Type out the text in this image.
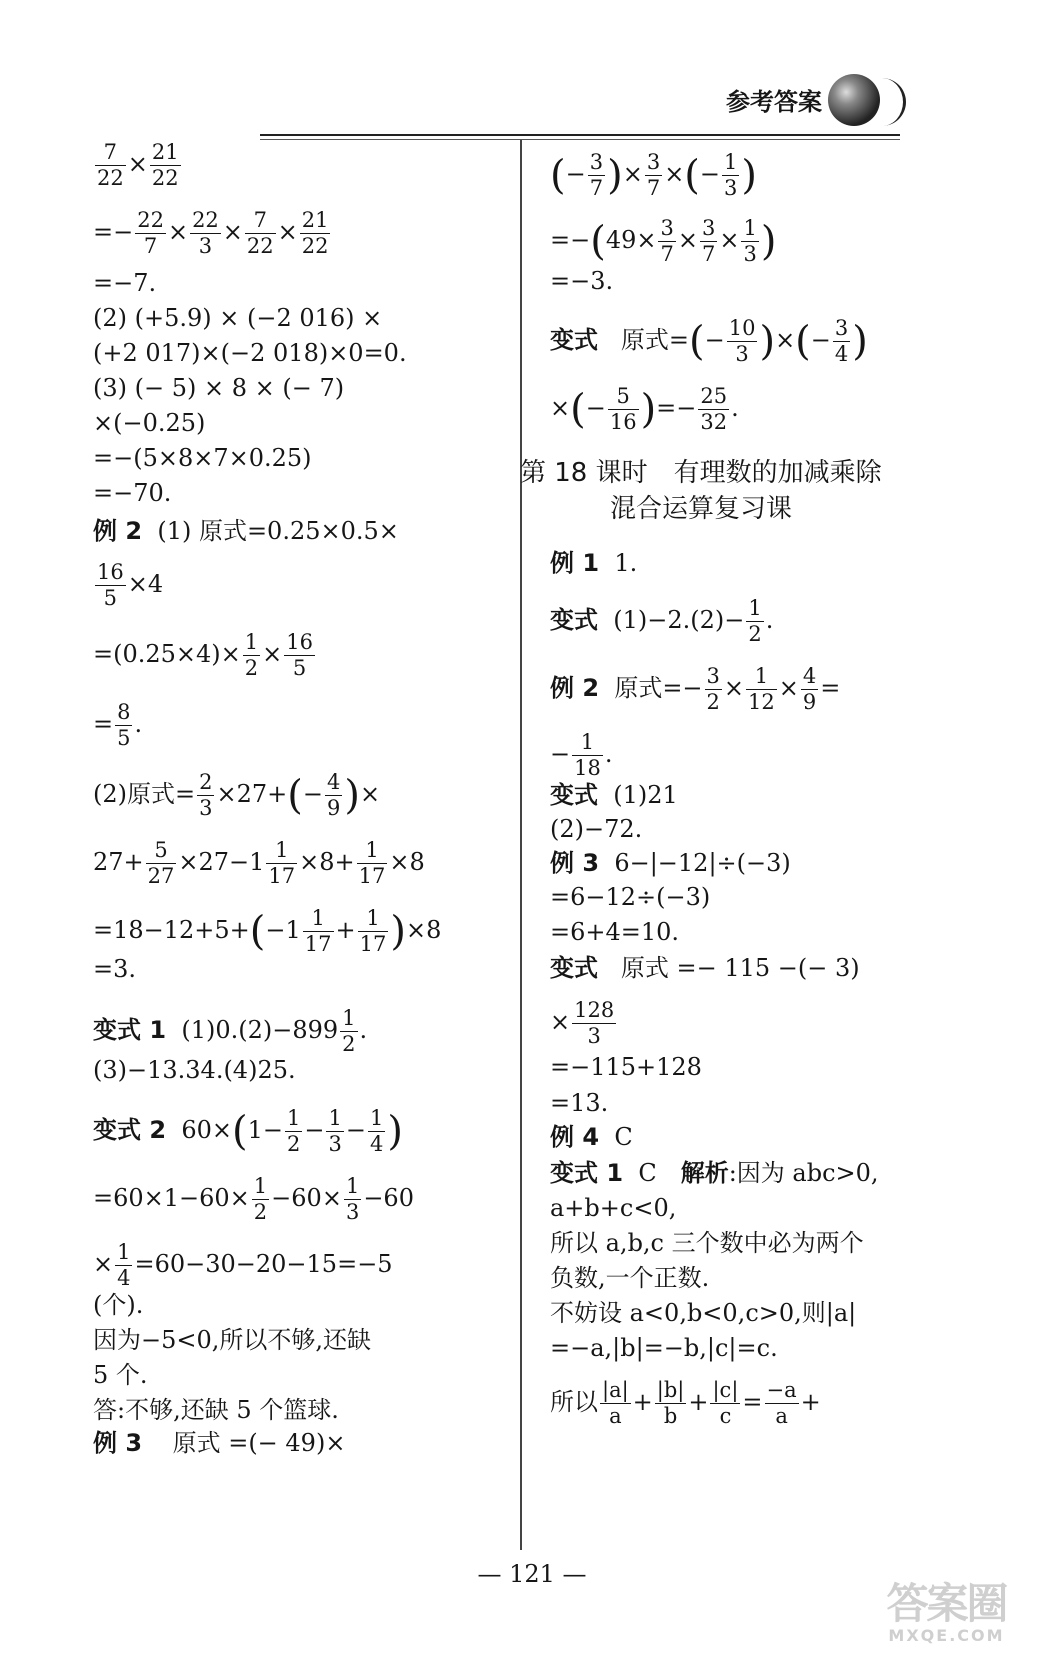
参考答案
$\frac{7}{22} \times \frac{21}{22}$
=− $\frac{22}{7} \times \frac{22}{3} \times \frac{7}{22} \times \frac{21}{22}$
=−7.
(2) (+5.9) × (−2 016) ×
(+2 017)×(−2 018)×0=0.
(3) (− 5) × 8 × (− 7)
×(−0.25)
=−(5×8×7×0.25)
=−70.
例 2 (1) 原式=0.25×0.5×
$\frac{16}{5} \times 4$
$=(0.25\times 4)\times \frac{1}{2} \times \frac{16}{5}$
= $\frac{8}{5}$ .
(2)原式= $\frac{2}{3} \times 27+(- \frac{4}{9}$ )×
$27+ \frac{5}{27} \times 27-1 \frac{1}{17} \times 8+ \frac{1}{17} \times 8$
$=18-12+5+(-1 \frac{1}{17} + \frac{1}{17} )\times 8$
=3.
变式 1 $(1)0.(2)-899 \frac{1}{2}$ .
(3)−13.34.(4)25.
变式 2 $60\times(1- \frac{1}{2} - \frac{1}{3} - \frac{1}{4}$ )
$=60\times 1-60\times \frac{1}{2} -60\times \frac{1}{3} -60$
× $\frac{1}{4} =60-30-20-15=-5$
(个).
因为−5<0,所以不够,还缺
5 个.
答:不够,还缺 5 个篮球.
例 3 原式 =(− 49)×
(− $\frac{3}{7}$ )× $\frac{3}{7}$ ×(− $\frac{1}{3}$ )
$=-(49\times \frac{3}{7} \times \frac{3}{7} \times \frac{1}{3}$ )
=−3.
变式 原式=(− $\frac{10}{3}$ )×(− $\frac{3}{4}$ )
×(− $\frac{5}{16}$ )=− $\frac{25}{32}$ .
第 18 课时　有理数的加减乘除
混合运算复习课
例 1 1.
变式 $(1)-2.(2)- \frac{1}{2}$ .
例 2 原式=− $\frac{3}{2} \times \frac{1}{12} \times \frac{4}{9}$ =
− $\frac{1}{18}$ .
变式 (1)21
(2)−72.
例 3 6−|−12|÷(−3)
=6−12÷(−3)
=6+4=10.
变式 原式 =− 115 −(− 3)
× $\frac{128}{3}$
=−115+128
=13.
例 4 C
变式 1 C　解析:因为 abc>0,
a+b+c<0,
所以 a,b,c 三个数中必为两个
负数,一个正数.
不妨设 a<0,b<0,c>0,则|a|
=−a,|b|=−b,|c|=c.
所以 $\frac{|a|}{a} + \frac{|b|}{b} + \frac{|c|}{c} = \frac{-a}{a}$ +
— 121 —
答案圈
MXQE.COM
